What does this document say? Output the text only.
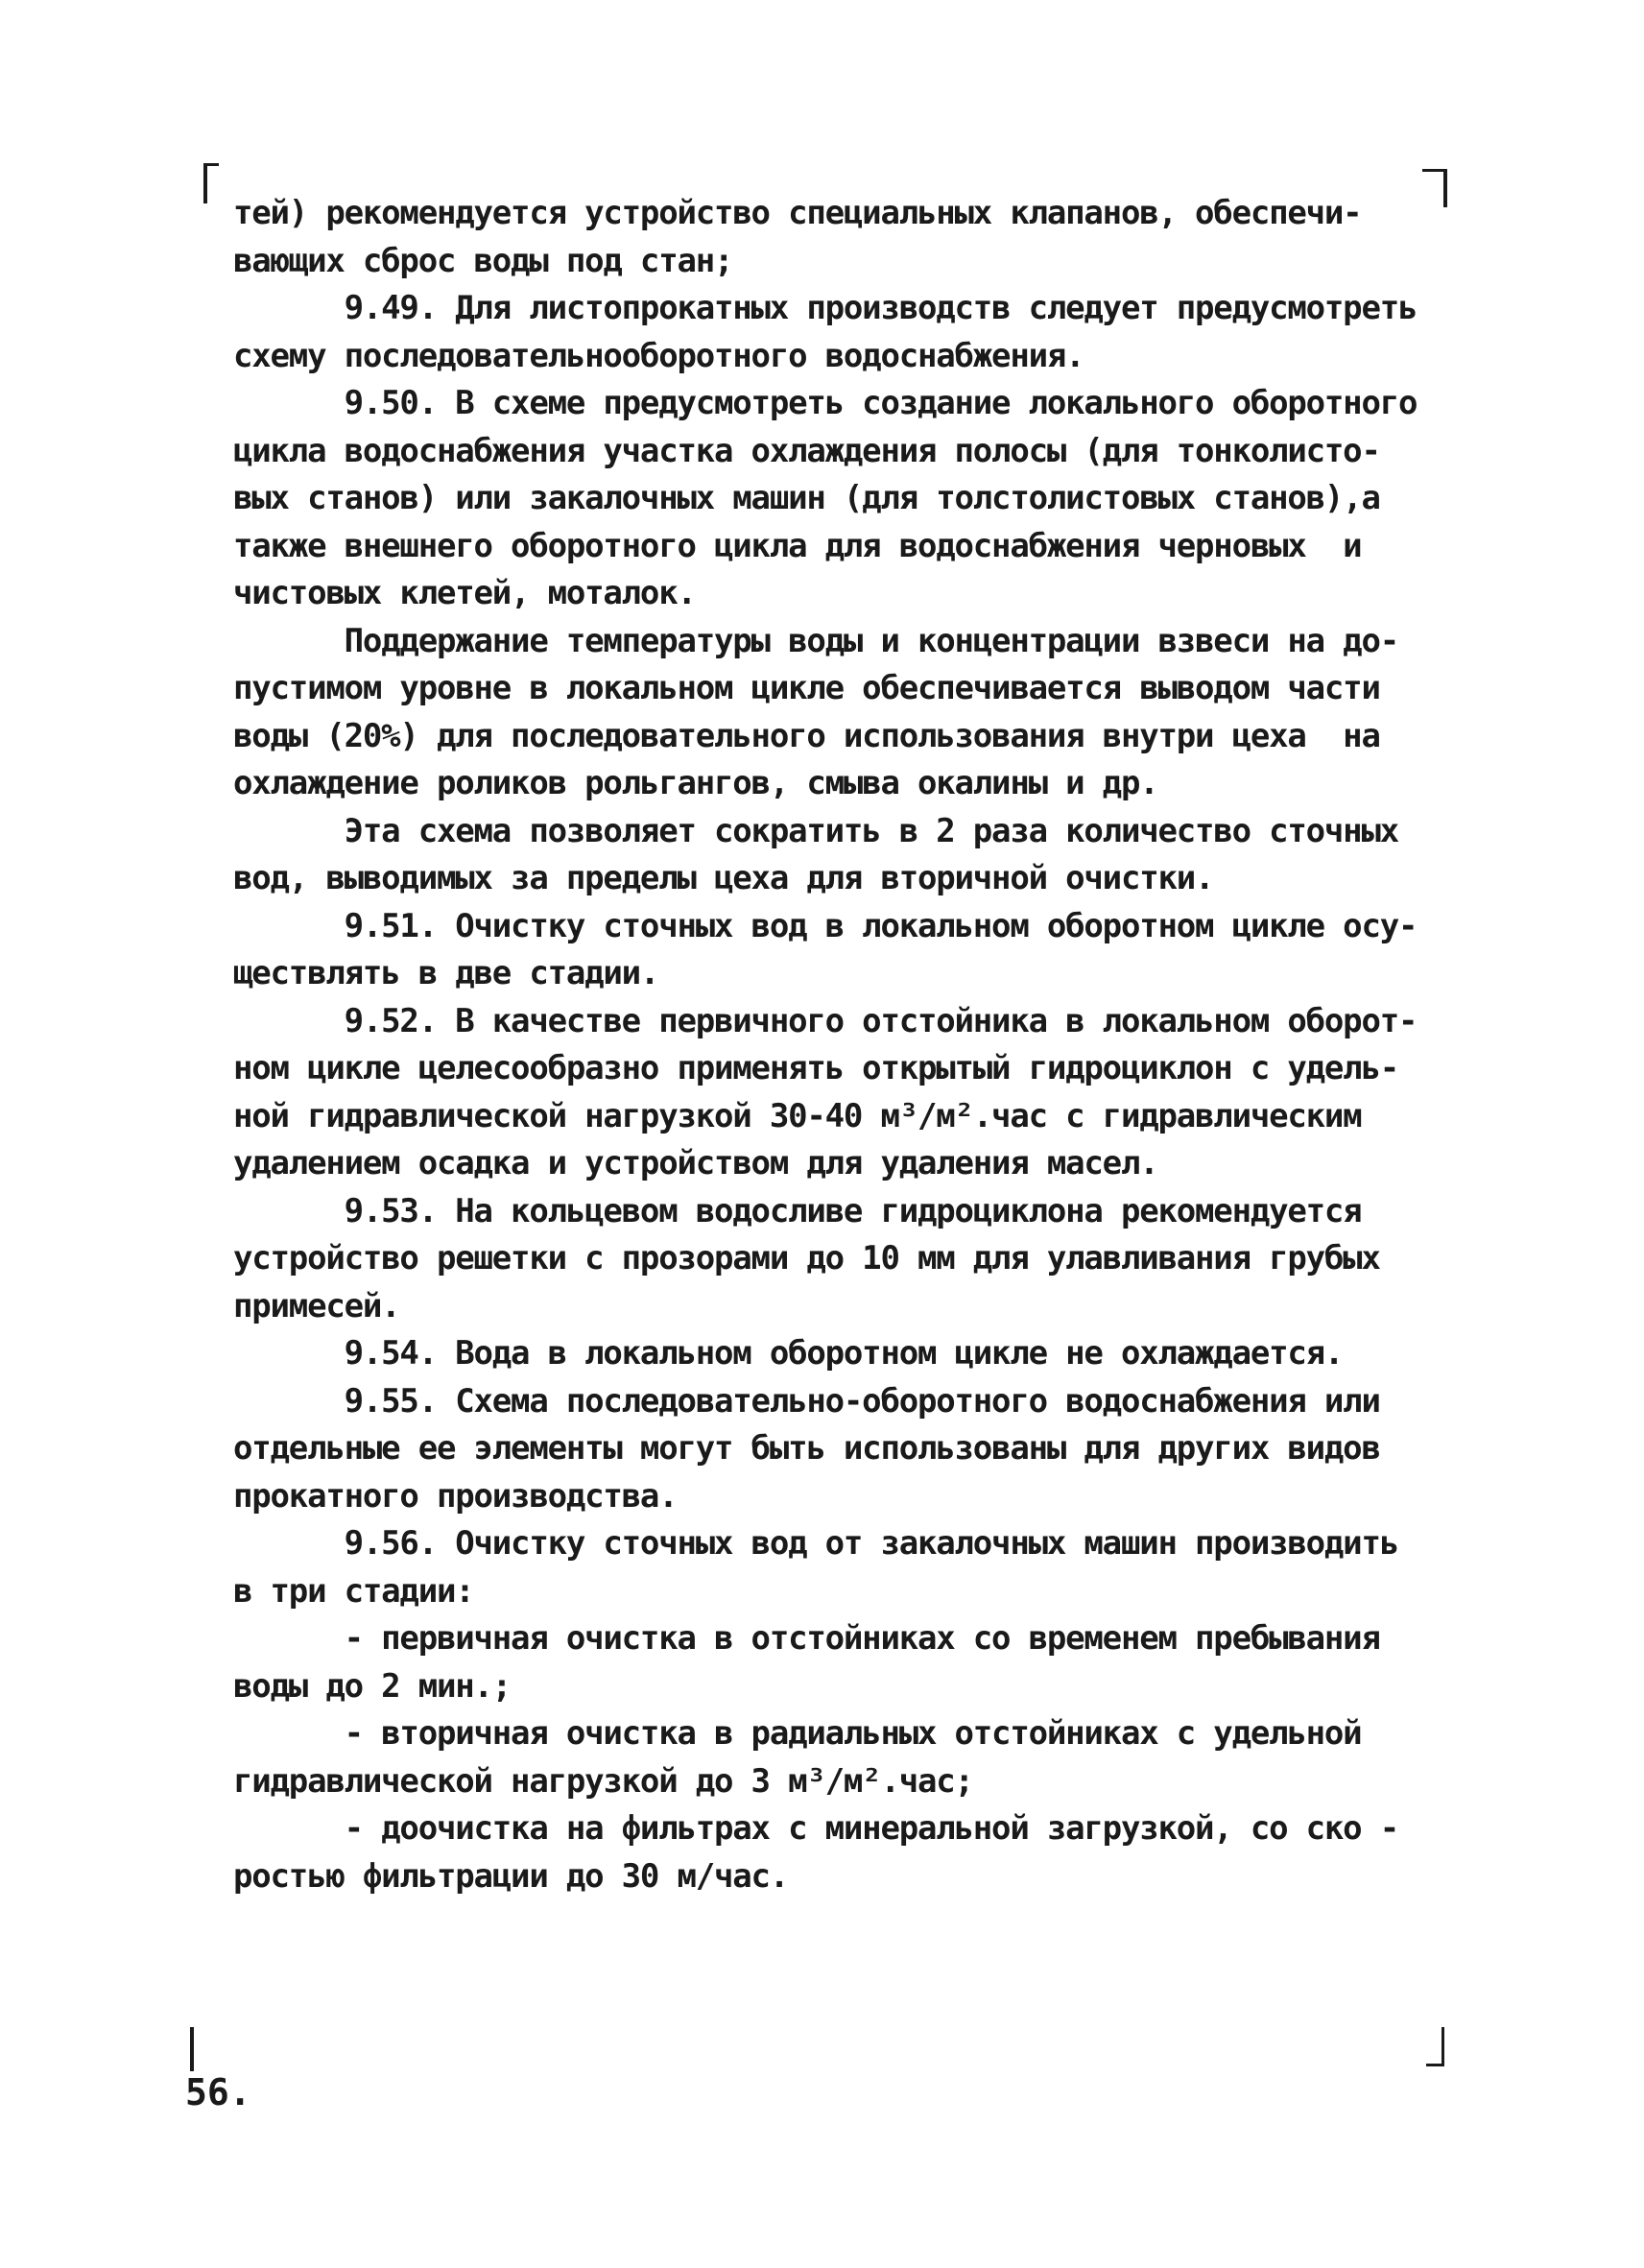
тей) рекомендуется устройство специальных клапанов, обеспечи-
вающих сброс воды под стан;
9.49. Для листопрокатных производств следует предусмотреть
схему последовательнооборотного водоснабжения.
9.50. В схеме предусмотреть создание локального оборотного
цикла водоснабжения участка охлаждения полосы (для тонколисто-
вых станов) или закалочных машин (для толстолистовых станов),а
также внешнего оборотного цикла для водоснабжения черновых  и
чистовых клетей, моталок.
Поддержание температуры воды и концентрации взвеси на до-
пустимом уровне в локальном цикле обеспечивается выводом части
воды (20%) для последовательного использования внутри цеха  на
охлаждение роликов рольгангов, смыва окалины и др.
Эта схема позволяет сократить в 2 раза количество сточных
вод, выводимых за пределы цеха для вторичной очистки.
9.51. Очистку сточных вод в локальном оборотном цикле осу-
ществлять в две стадии.
9.52. В качестве первичного отстойника в локальном оборот-
ном цикле целесообразно применять открытый гидроциклон с удель-
ной гидравлической нагрузкой 30-40 м³/м².час с гидравлическим
удалением осадка и устройством для удаления масел.
9.53. На кольцевом водосливе гидроциклона рекомендуется
устройство решетки с прозорами до 10 мм для улавливания грубых
примесей.
9.54. Вода в локальном оборотном цикле не охлаждается.
9.55. Схема последовательно-оборотного водоснабжения или
отдельные ее элементы могут быть использованы для других видов
прокатного производства.
9.56. Очистку сточных вод от закалочных машин производить
в три стадии:
- первичная очистка в отстойниках со временем пребывания
воды до 2 мин.;
- вторичная очистка в радиальных отстойниках с удельной
гидравлической нагрузкой до 3 м³/м².час;
- доочистка на фильтрах с минеральной загрузкой, со ско -
ростью фильтрации до 30 м/час.
56.
